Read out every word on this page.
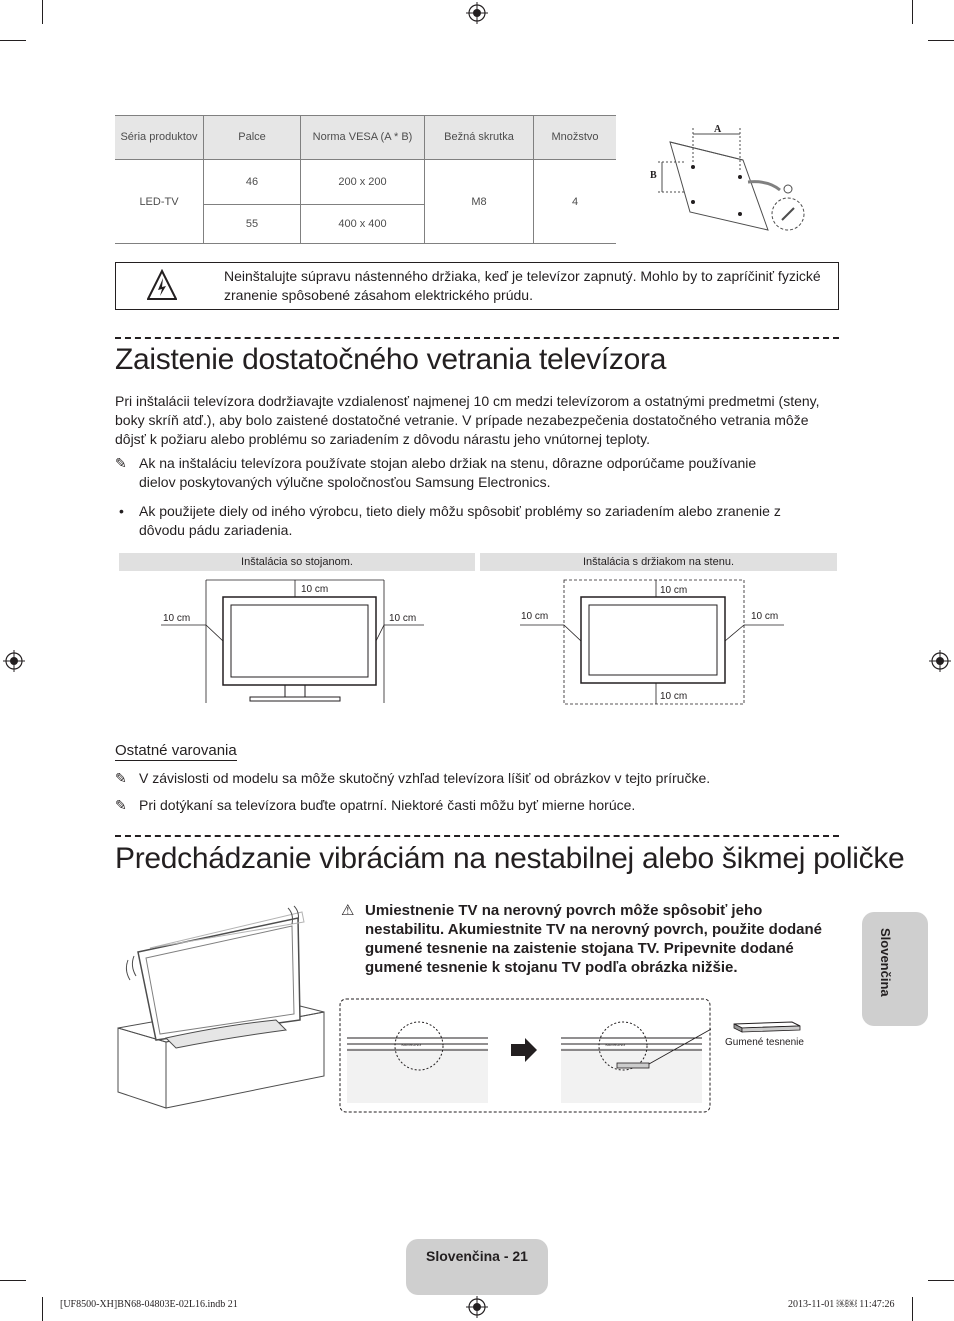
Séria produktov	Palce	Norma VESA (A * B)	Bežná skrutka	Množstvo
LED-TV	46	200 x 200	M8	4
	55	400 x 400		
A
B
Neinštalujte súpravu nástenného držiaka, keď je televízor zapnutý. Mohlo by to zapríčiniť fyzické zranenie spôsobené zásahom elektrického prúdu.
Zaistenie dostatočného vetrania televízora
Pri inštalácii televízora dodržiavajte vzdialenosť najmenej 10 cm medzi televízorom a ostatnými predmetmi (steny, boky skríň atď.), aby bolo zaistené dostatočné vetranie. V prípade nezabezpečenia dostatočného vetrania môže dôjsť k požiaru alebo problému so zariadením z dôvodu nárastu jeho vnútornej teploty.
✎ Ak na inštaláciu televízora používate stojan alebo držiak na stenu, dôrazne odporúčame používanie dielov poskytovaných výlučne spoločnosťou Samsung Electronics.
• Ak použijete diely od iného výrobcu, tieto diely môžu spôsobiť problémy so zariadením alebo zranenie z dôvodu pádu zariadenia.
Inštalácia so stojanom.	Inštalácia s držiakom na stenu.
10 cm
10 cm	10 cm
10 cm
10 cm	10 cm
10 cm
Ostatné varovania
✎ V závislosti od modelu sa môže skutočný vzhľad televízora líšiť od obrázkov v tejto príručke.
✎ Pri dotýkaní sa televízora buďte opatrní. Niektoré časti môžu byť mierne horúce.
Predchádzanie vibráciám na nestabilnej alebo šikmej poličke
⚠ Umiestnenie TV na nerovný povrch môže spôsobiť jeho nestabilitu. Akumiestnite TV na nerovný povrch, použite dodané gumené tesnenie na zaistenie stojana TV. Pripevnite dodané gumené tesnenie k stojanu TV podľa obrázka nižšie.
SAMSUNG	SAMSUNG	Gumené tesnenie
Slovenčina
Slovenčina - 21
[UF8500-XH]BN68-04803E-02L16.indb 21	2013-11-01 ￼￼ 11:47:26
